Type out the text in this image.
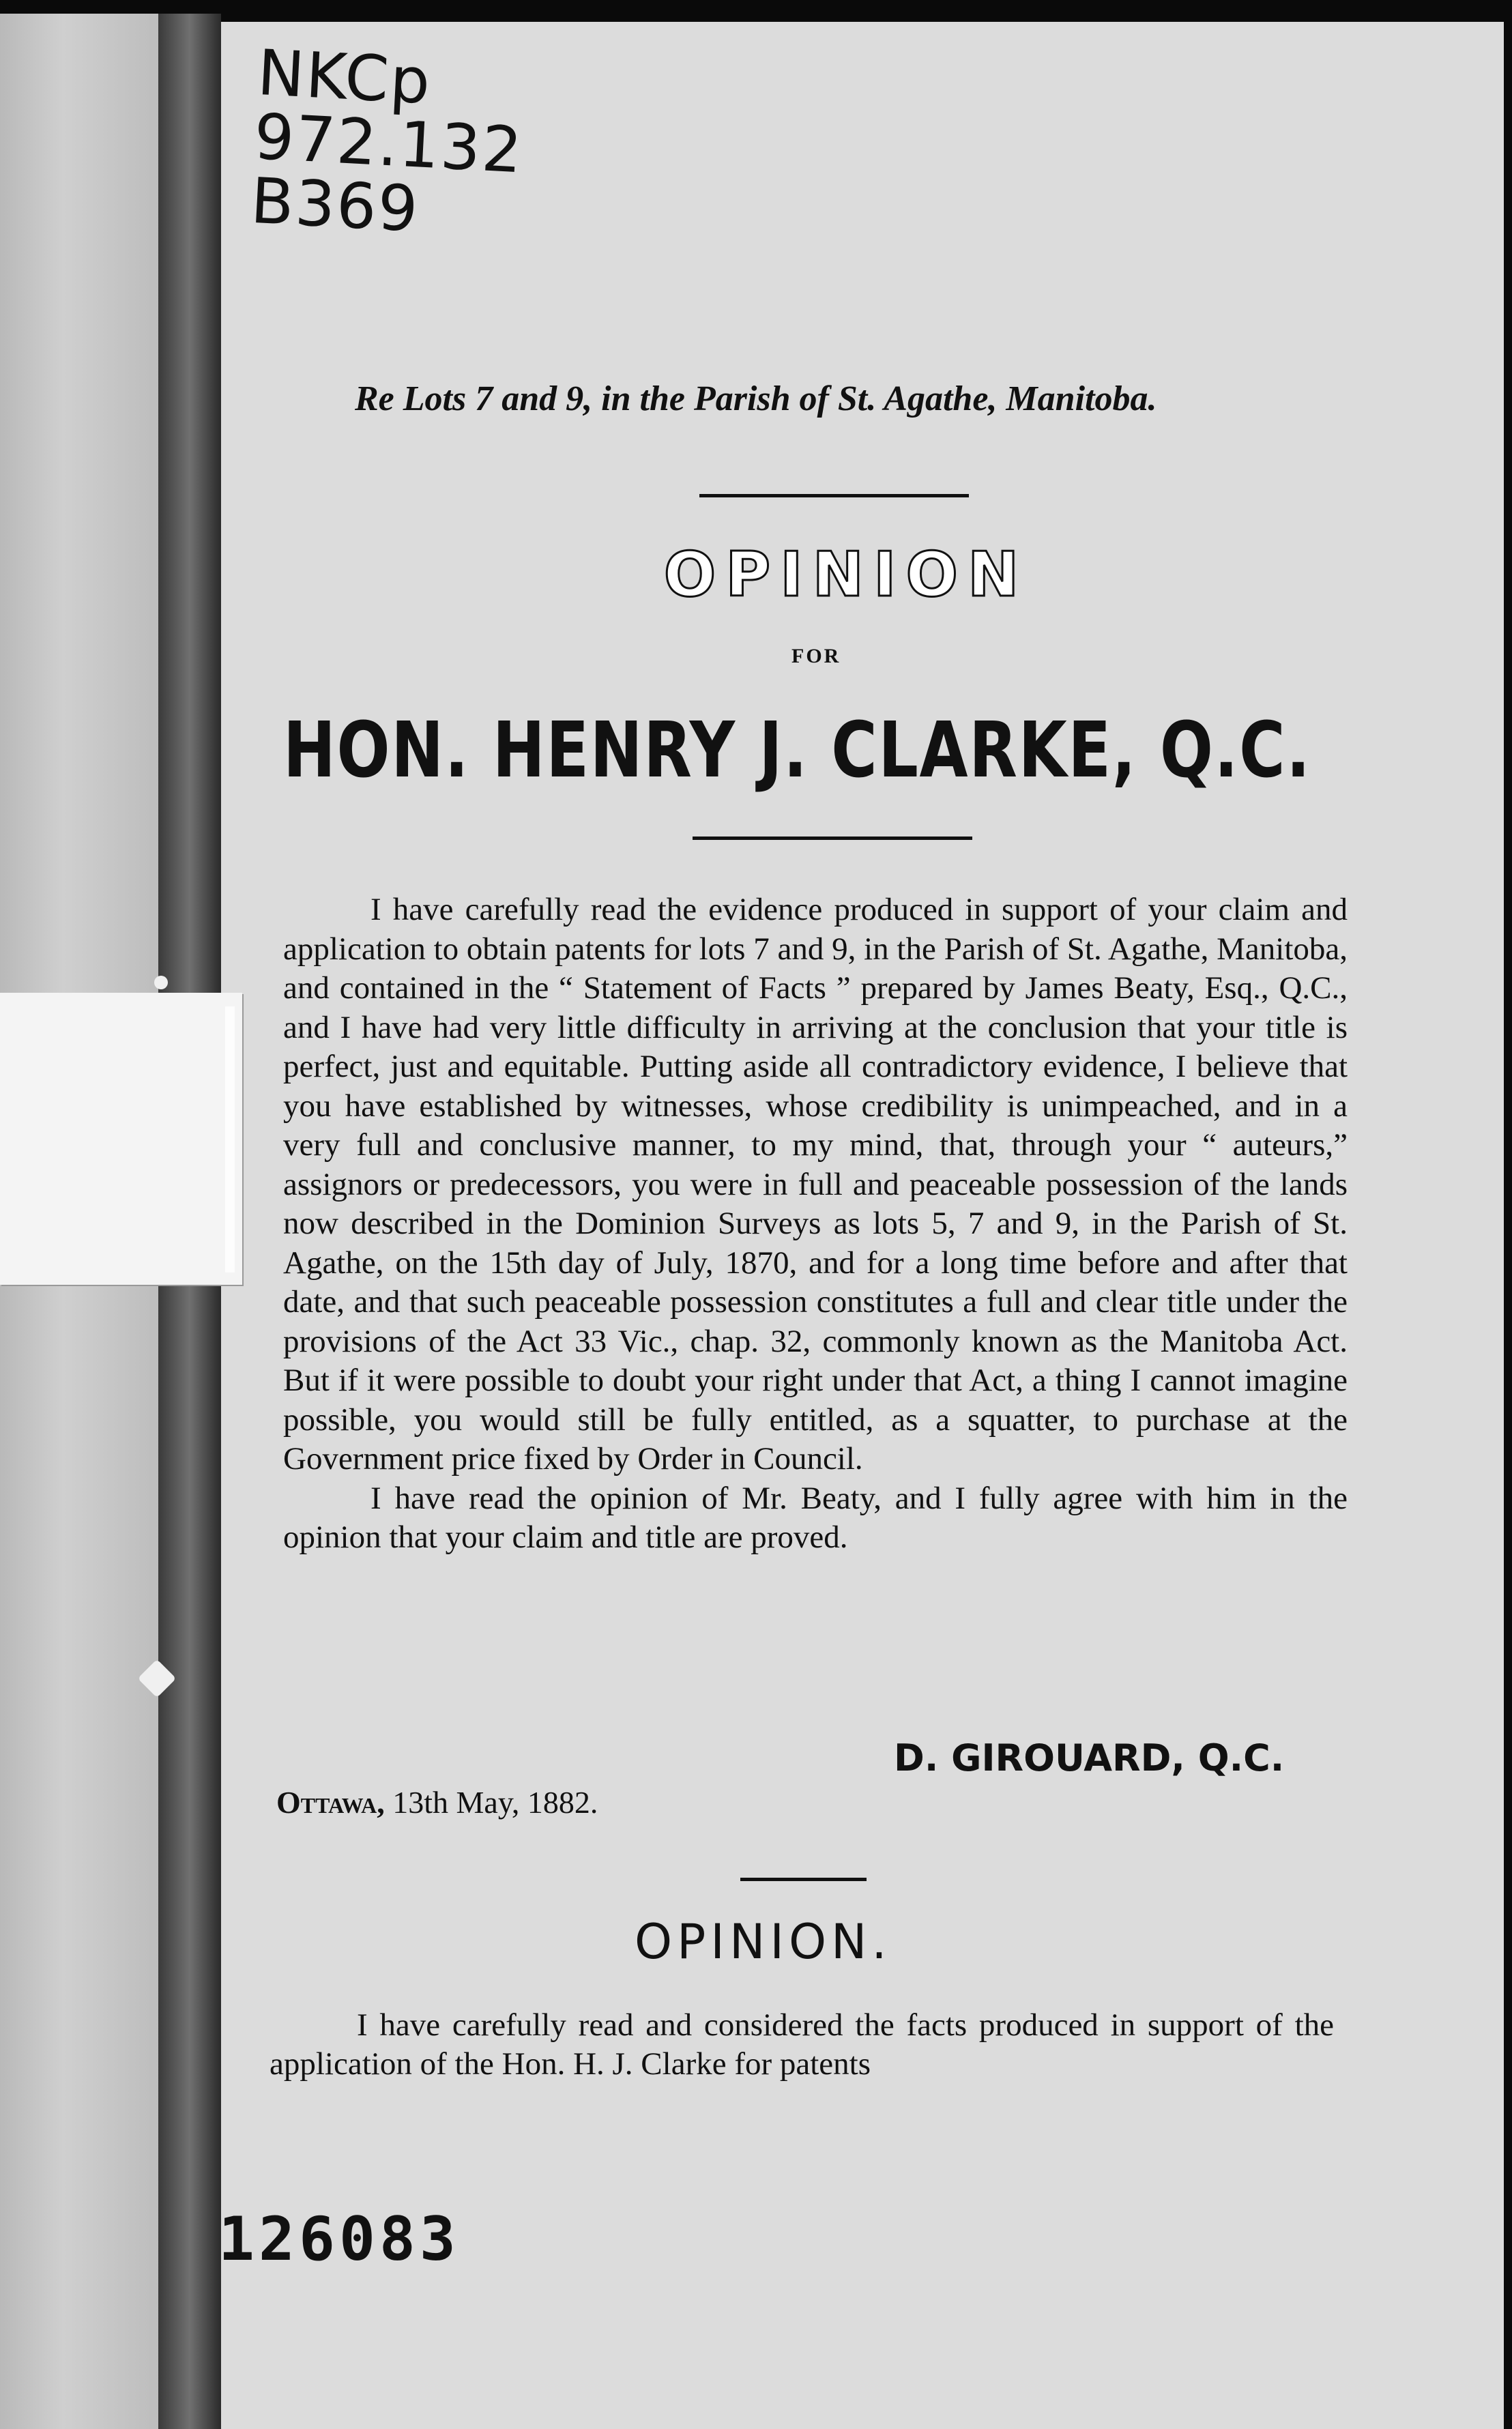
NKCp
972.132
B369
Re Lots 7 and 9, in the Parish of St. Agathe, Manitoba.
OPINION
FOR
HON. HENRY J. CLARKE, Q.C.

I have carefully read the evidence produced in support of your claim and application to obtain patents for lots 7 and 9, in the Parish of St. Agathe, Manitoba, and contained in the “ Statement of Facts ” prepared by James Beaty, Esq., Q.C., and I have had very little difficulty in arriving at the conclusion that your title is perfect, just and equitable. Putting aside all contradictory evidence, I believe that you have established by witnesses, whose credibility is unimpeached, and in a very full and conclusive manner, to my mind, that, through your “ auteurs,” assignors or predecessors, you were in full and peaceable possession of the lands now described in the Dominion Surveys as lots 5, 7 and 9, in the Parish of St. Agathe, on the 15th day of July, 1870, and for a long time before and after that date, and that such peaceable possession constitutes a full and clear title under the provisions of the Act 33 Vic., chap. 32, commonly known as the Manitoba Act. But if it were possible to doubt your right under that Act, a thing I cannot imagine possible, you would still be fully entitled, as a squatter, to purchase at the Government price fixed by Order in Council.

I have read the opinion of Mr. Beaty, and I fully agree with him in the opinion that your claim and title are proved.

D. GIROUARD, Q.C.
Ottawa, 13th May, 1882.
OPINION.

I have carefully read and considered the facts produced in support of the application of the Hon. H. J. Clarke for patents

126083
